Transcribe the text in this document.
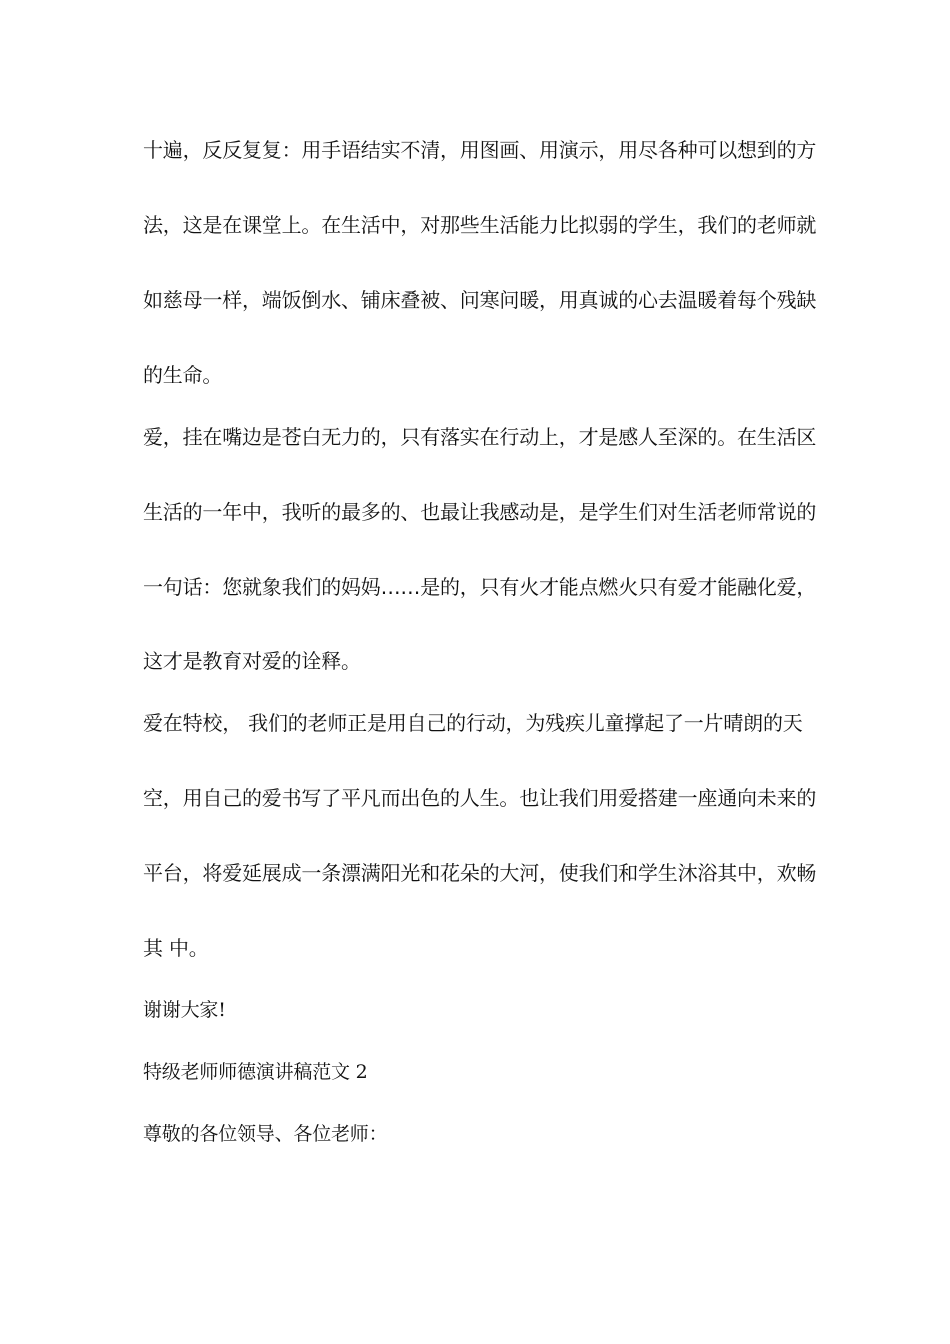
十遍，反反复复：用手语结实不清，用图画、用演示，用尽各种可以想到的方
法，这是在课堂上。在生活中，对那些生活能力比拟弱的学生，我们的老师就
如慈母一样，端饭倒水、铺床叠被、问寒问暖，用真诚的心去温暖着每个残缺
的生命。
爱，挂在嘴边是苍白无力的，只有落实在行动上，才是感人至深的。在生活区
生活的一年中，我听的最多的、也最让我感动是，是学生们对生活老师常说的
一句话：您就象我们的妈妈……是的，只有火才能点燃火只有爱才能融化爱，
这才是教育对爱的诠释。
爱在特校， 我们的老师正是用自己的行动，为残疾儿童撑起了一片晴朗的天
空，用自己的爱书写了平凡而出色的人生。也让我们用爱搭建一座通向未来的
平台，将爱延展成一条漂满阳光和花朵的大河，使我们和学生沐浴其中，欢畅
其 中。
谢谢大家!
特级老师师德演讲稿范文 2
尊敬的各位领导、各位老师：
